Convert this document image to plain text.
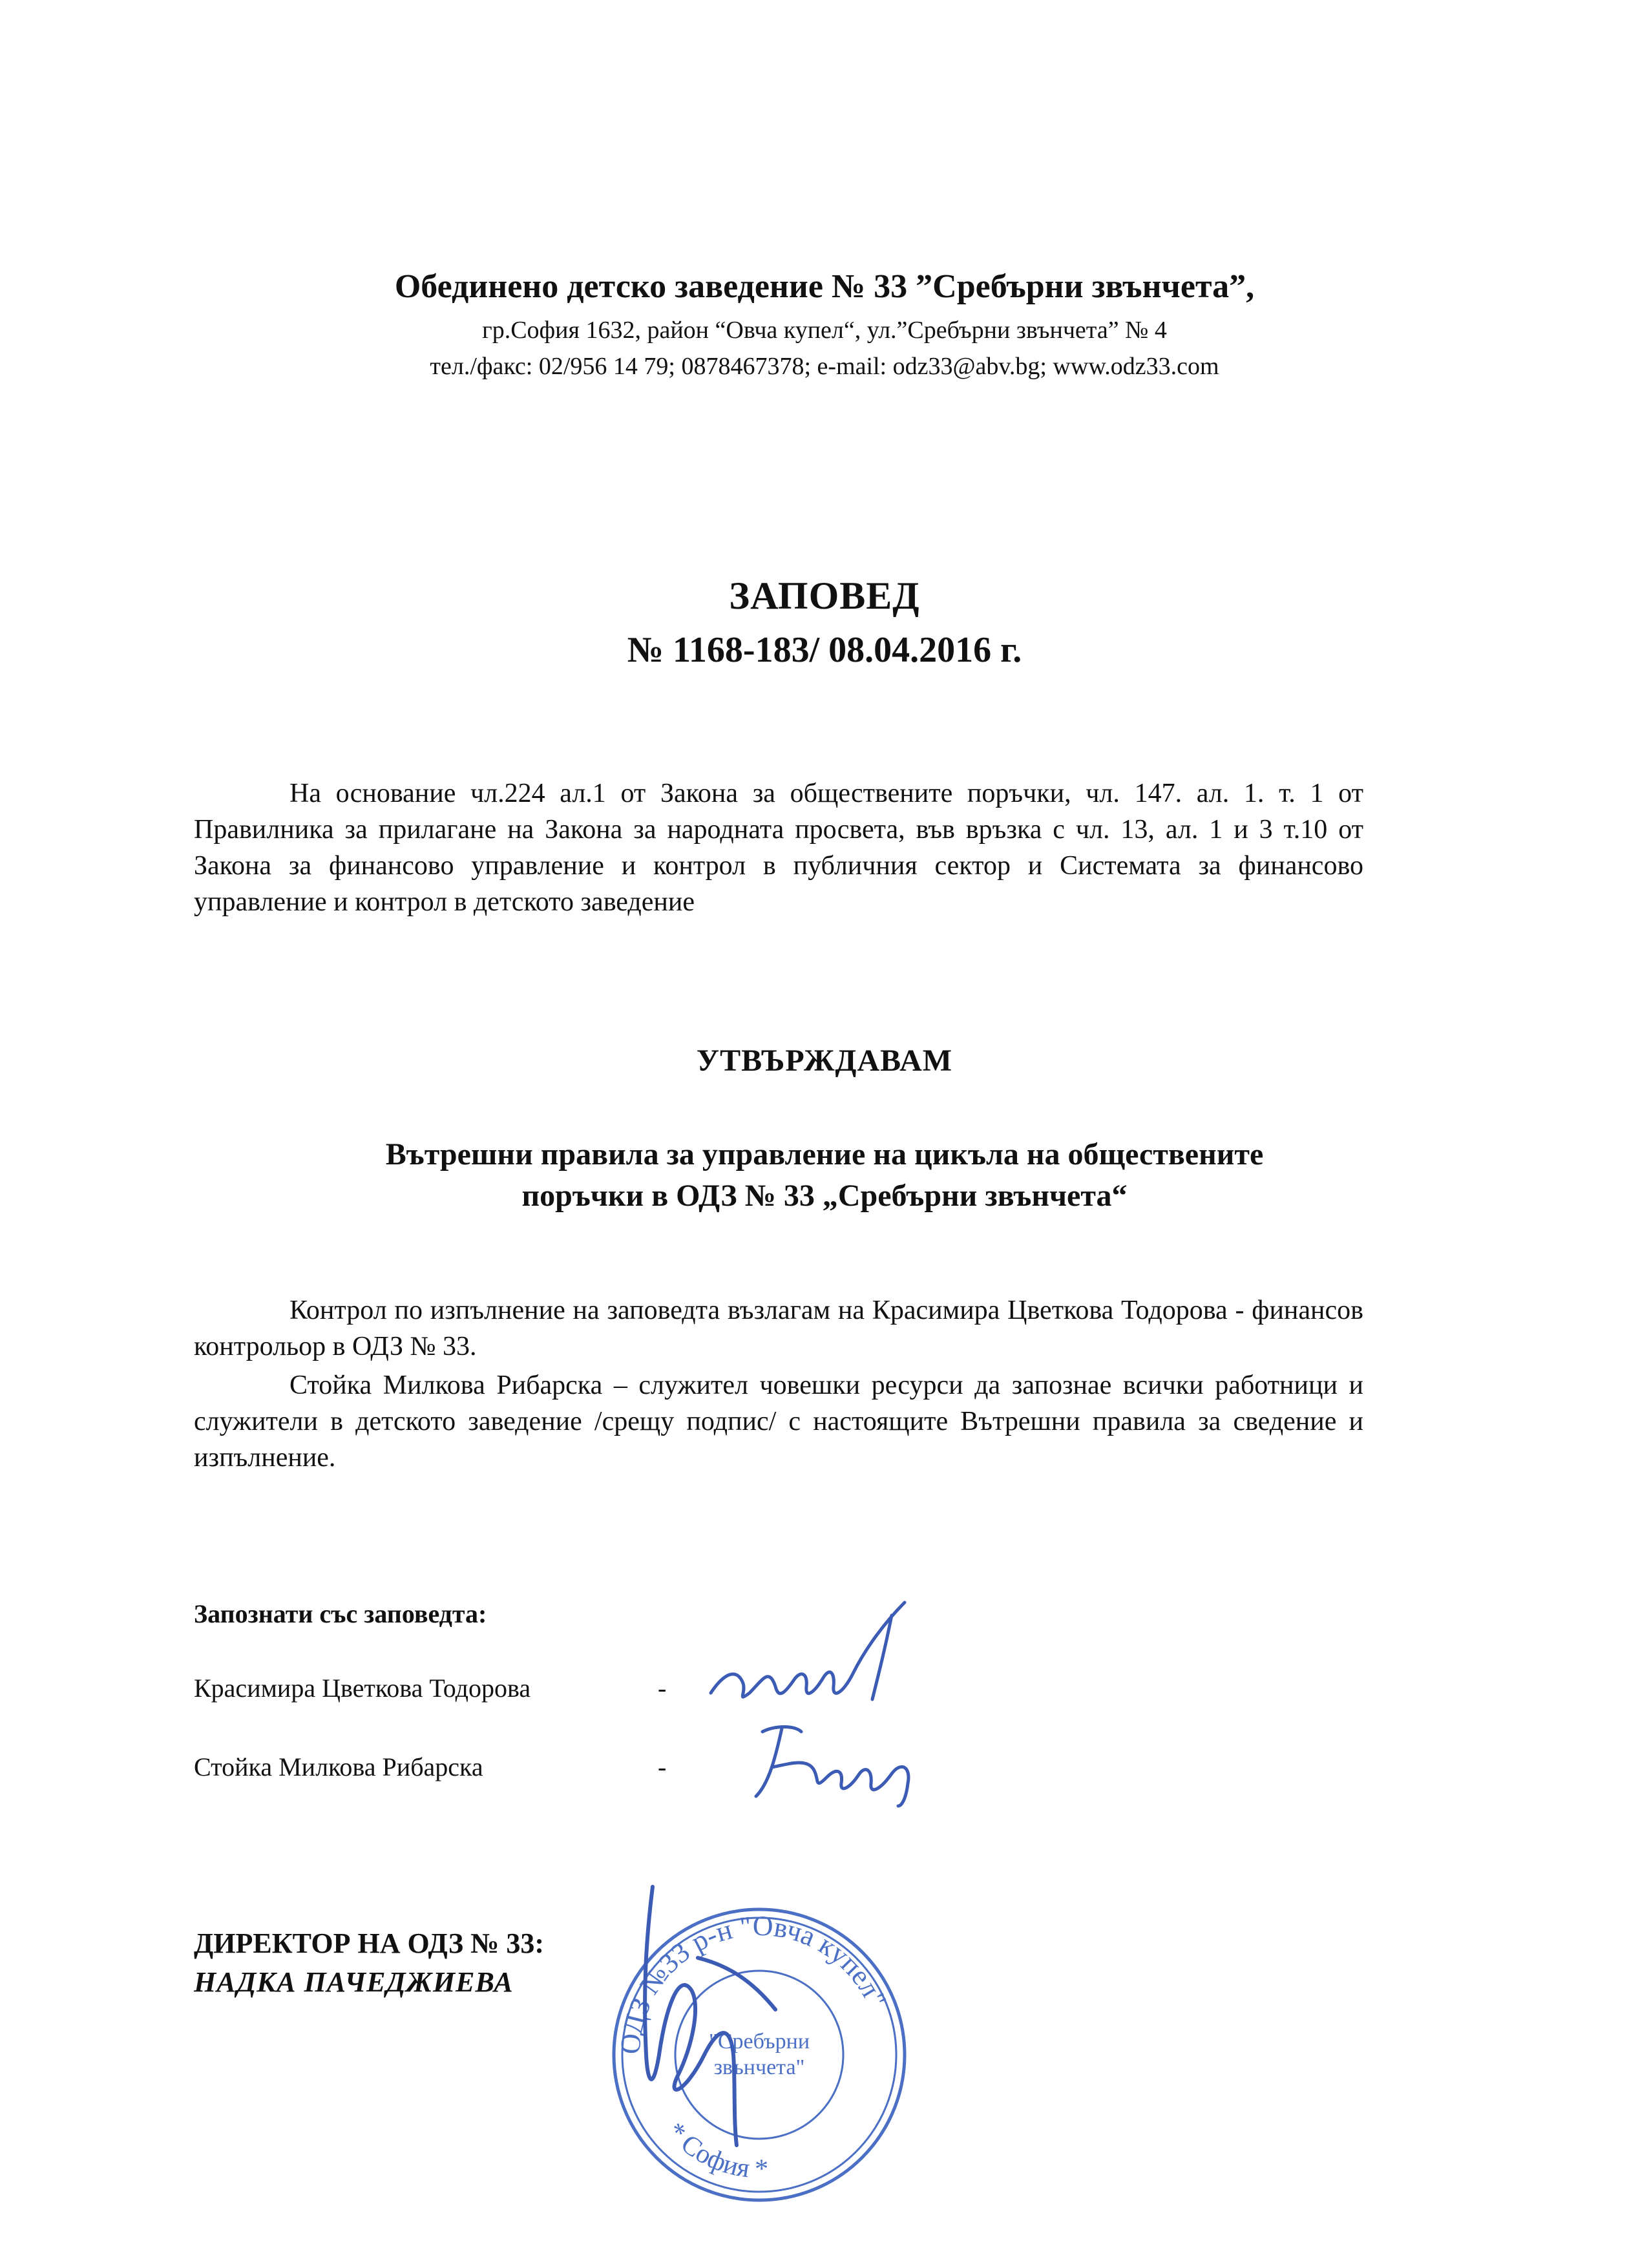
Обединено детско заведение № 33 ”Сребърни звънчета”,
гр.София 1632, район “Овча купел“, ул.”Сребърни звънчета” № 4
тел./факс: 02/956 14 79; 0878467378; e-mail: odz33@abv.bg; www.odz33.com
ЗАПОВЕД
№ 1168-183/ 08.04.2016 г.
На основание чл.224 ал.1 от Закона за обществените поръчки, чл. 147. ал. 1. т. 1 от Правилника за прилагане на Закона за народната просвета, във връзка с чл. 13, ал. 1 и 3 т.10 от Закона за финансово управление и контрол в публичния сектор и Системата за финансово управление и контрол в детското заведение
УТВЪРЖДАВАМ
Вътрешни правила за управление на цикъла на обществените
поръчки в ОДЗ № 33 „Сребърни звънчета“
Контрол по изпълнение на заповедта възлагам на Красимира Цветкова Тодорова - финансов контрольор в ОДЗ № 33.
Стойка Милкова Рибарска – служител човешки ресурси да запознае всички работници и служители в детското заведение /срещу подпис/ с настоящите Вътрешни правила за сведение и изпълнение.
Запознати със заповедта:
Красимира Цветкова Тодорова	-
Стойка Милкова Рибарска	-
ДИРЕКТОР НА ОДЗ № 33:
НАДКА ПАЧЕДЖИЕВА
ОДЗ №33 р-н "Овча купел"
"Сребърни
звънчета"
* София *
